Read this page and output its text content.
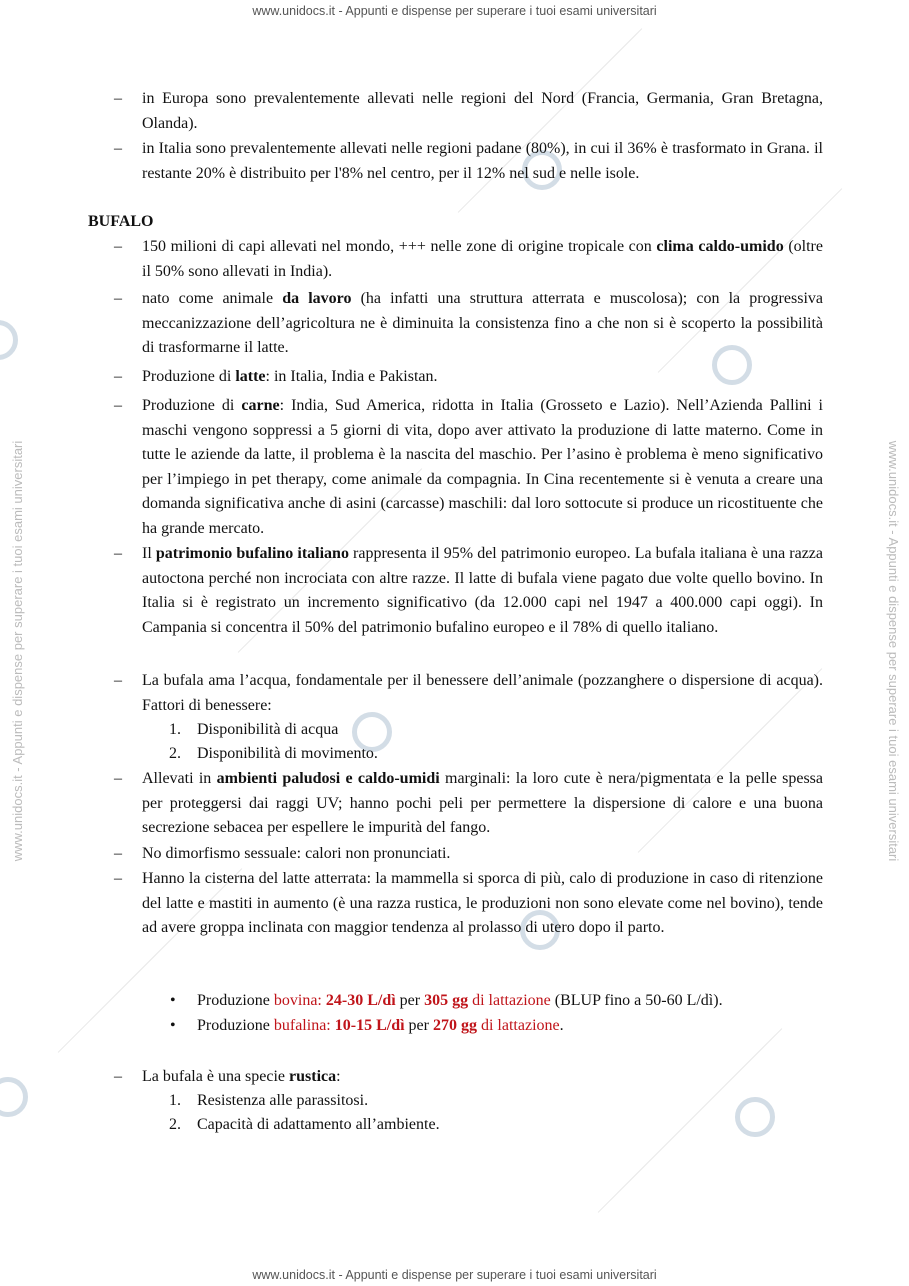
www.unidocs.it - Appunti e dispense per superare i tuoi esami universitari
www.unidocs.it - Appunti e dispense per superare i tuoi esami universitari
www.unidocs.it - Appunti e dispense per superare i tuoi esami universitari	www.unidocs.it - Appunti e dispense per superare i tuoi esami universitari
– in Europa sono prevalentemente allevati nelle regioni del Nord (Francia, Germania, Gran Bretagna, Olanda).
– in Italia sono prevalentemente allevati nelle regioni padane (80%), in cui il 36% è trasformato in Grana. il restante 20% è distribuito per l'8% nel centro, per il 12% nel sud e nelle isole.
BUFALO
– 150 milioni di capi allevati nel mondo, +++ nelle zone di origine tropicale con clima caldo-umido (oltre il 50% sono allevati in India).
– nato come animale da lavoro (ha infatti una struttura atterrata e muscolosa); con la progressiva meccanizzazione dell’agricoltura ne è diminuita la consistenza fino a che non si è scoperto la possibilità di trasformarne il latte.
– Produzione di latte: in Italia, India e Pakistan.
– Produzione di carne: India, Sud America, ridotta in Italia (Grosseto e Lazio). Nell’Azienda Pallini i maschi vengono soppressi a 5 giorni di vita, dopo aver attivato la produzione di latte materno. Come in tutte le aziende da latte, il problema è la nascita del maschio. Per l’asino è problema è meno significativo per l’impiego in pet therapy, come animale da compagnia. In Cina recentemente si è venuta a creare una domanda significativa anche di asini (carcasse) maschili: dal loro sottocute si produce un ricostituente che ha grande mercato.
– Il patrimonio bufalino italiano rappresenta il 95% del patrimonio europeo. La bufala italiana è una razza autoctona perché non incrociata con altre razze. Il latte di bufala viene pagato due volte quello bovino. In Italia si è registrato un incremento significativo (da 12.000 capi nel 1947 a 400.000 capi oggi). In Campania si concentra il 50% del patrimonio bufalino europeo e il 78% di quello italiano.
– La bufala ama l’acqua, fondamentale per il benessere dell’animale (pozzanghere o dispersione di acqua). Fattori di benessere:
1. Disponibilità di acqua
2. Disponibilità di movimento.
– Allevati in ambienti paludosi e caldo-umidi marginali: la loro cute è nera/pigmentata e la pelle spessa per proteggersi dai raggi UV; hanno pochi peli per permettere la dispersione di calore e una buona secrezione sebacea per espellere le impurità del fango.
– No dimorfismo sessuale: calori non pronunciati.
– Hanno la cisterna del latte atterrata: la mammella si sporca di più, calo di produzione in caso di ritenzione del latte e mastiti in aumento (è una razza rustica, le produzioni non sono elevate come nel bovino), tende ad avere groppa inclinata con maggior tendenza al prolasso di utero dopo il parto.
• Produzione bovina: 24-30 L/dì per 305 gg di lattazione (BLUP fino a 50-60 L/dì).
• Produzione bufalina: 10-15 L/dì per 270 gg di lattazione.
– La bufala è una specie rustica:
1. Resistenza alle parassitosi.
2. Capacità di adattamento all’ambiente.
